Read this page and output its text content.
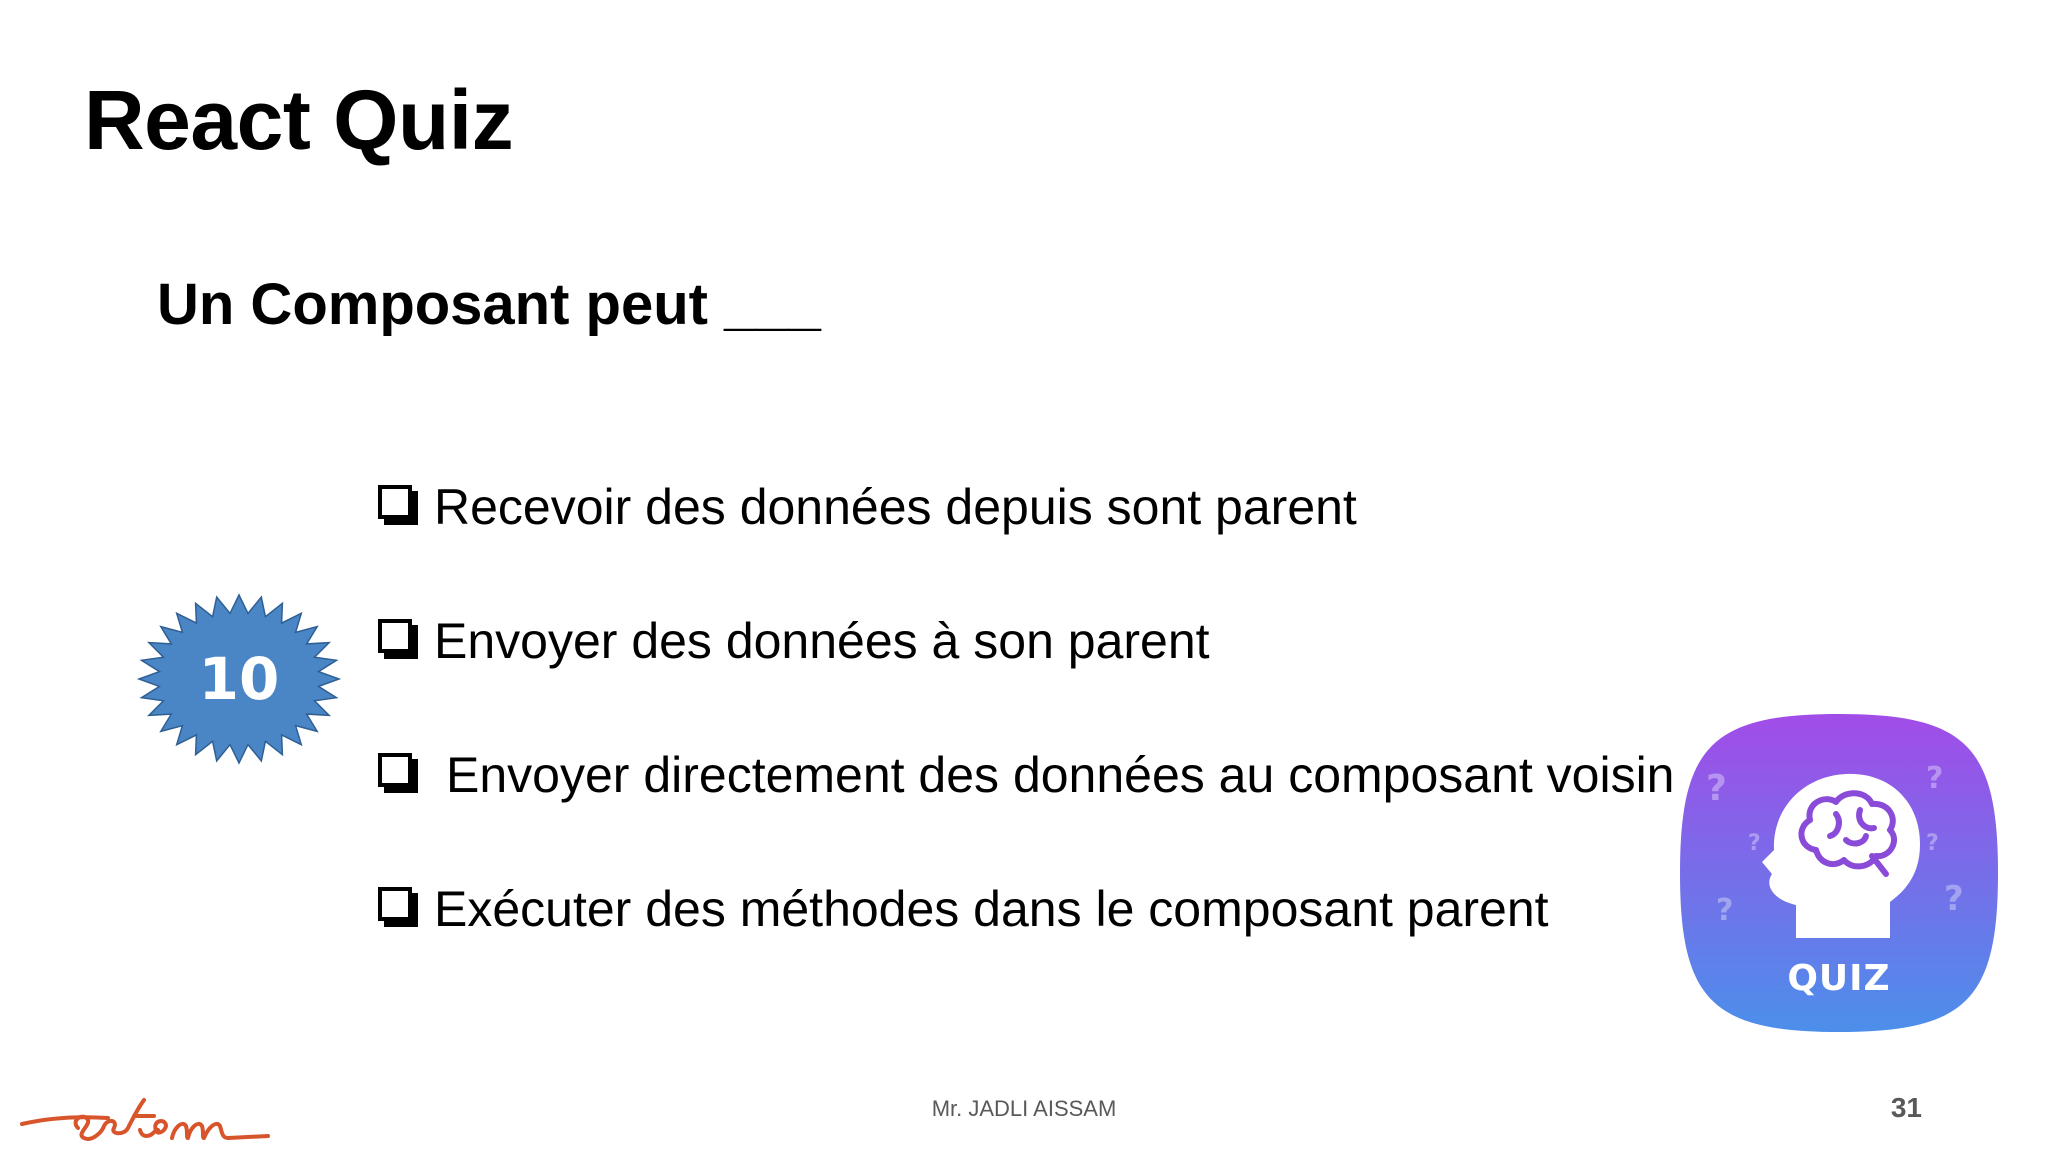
React Quiz
Un Composant peut ___
Recevoir des données depuis sont parent
Envoyer des données à son parent
Envoyer directement des données au composant voisin
Exécuter des méthodes dans le composant parent
10
?	?
?
?
?	?
QUIZ
Mr. JADLI AISSAM	31
